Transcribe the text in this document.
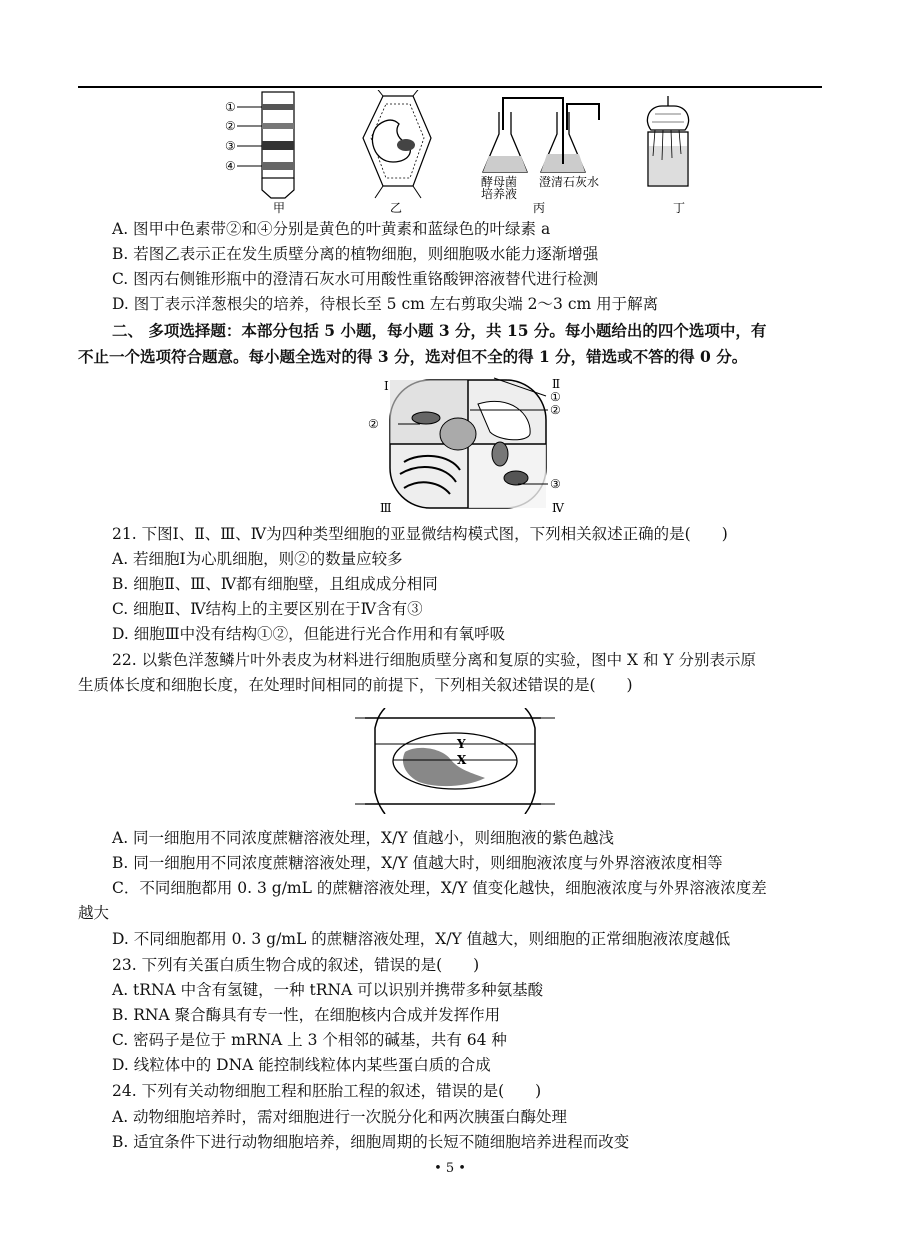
①
②
③
④
甲	乙
酵母菌
培养液
澄清石灰水
丙	丁
A. 图甲中色素带②和④分别是黄色的叶黄素和蓝绿色的叶绿素 a
B. 若图乙表示正在发生质壁分离的植物细胞，则细胞吸水能力逐渐增强
C. 图丙右侧锥形瓶中的澄清石灰水可用酸性重铬酸钾溶液替代进行检测
D. 图丁表示洋葱根尖的培养，待根长至 5 cm 左右剪取尖端 2～3 cm 用于解离
二、 多项选择题：本部分包括 5 小题，每小题 3 分，共 15 分。每小题给出的四个选项中，有
不止一个选项符合题意。每小题全选对的得 3 分，选对但不全的得 1 分，错选或不答的得 0 分。
Ⅰ	Ⅱ
Ⅲ	Ⅳ
①
②
②
③
21. 下图Ⅰ、Ⅱ、Ⅲ、Ⅳ为四种类型细胞的亚显微结构模式图，下列相关叙述正确的是(　　)
A. 若细胞Ⅰ为心肌细胞，则②的数量应较多
B. 细胞Ⅱ、Ⅲ、Ⅳ都有细胞壁，且组成成分相同
C. 细胞Ⅱ、Ⅳ结构上的主要区别在于Ⅳ含有③
D. 细胞Ⅲ中没有结构①②，但能进行光合作用和有氧呼吸
22. 以紫色洋葱鳞片叶外表皮为材料进行细胞质壁分离和复原的实验，图中 X 和 Y 分别表示原
生质体长度和细胞长度，在处理时间相同的前提下，下列相关叙述错误的是(　　)
Y
X
A. 同一细胞用不同浓度蔗糖溶液处理，X/Y 值越小，则细胞液的紫色越浅
B. 同一细胞用不同浓度蔗糖溶液处理，X/Y 值越大时，则细胞液浓度与外界溶液浓度相等
C．不同细胞都用 0. 3 g/mL 的蔗糖溶液处理，X/Y 值变化越快，细胞液浓度与外界溶液浓度差
越大
D. 不同细胞都用 0. 3 g/mL 的蔗糖溶液处理，X/Y 值越大，则细胞的正常细胞液浓度越低
23. 下列有关蛋白质生物合成的叙述，错误的是(　　)
A. tRNA 中含有氢键，一种 tRNA 可以识别并携带多种氨基酸
B. RNA 聚合酶具有专一性，在细胞核内合成并发挥作用
C. 密码子是位于 mRNA 上 3 个相邻的碱基，共有 64 种
D. 线粒体中的 DNA 能控制线粒体内某些蛋白质的合成
24. 下列有关动物细胞工程和胚胎工程的叙述，错误的是(　　)
A. 动物细胞培养时，需对细胞进行一次脱分化和两次胰蛋白酶处理
B. 适宜条件下进行动物细胞培养，细胞周期的长短不随细胞培养进程而改变
• 5 •
